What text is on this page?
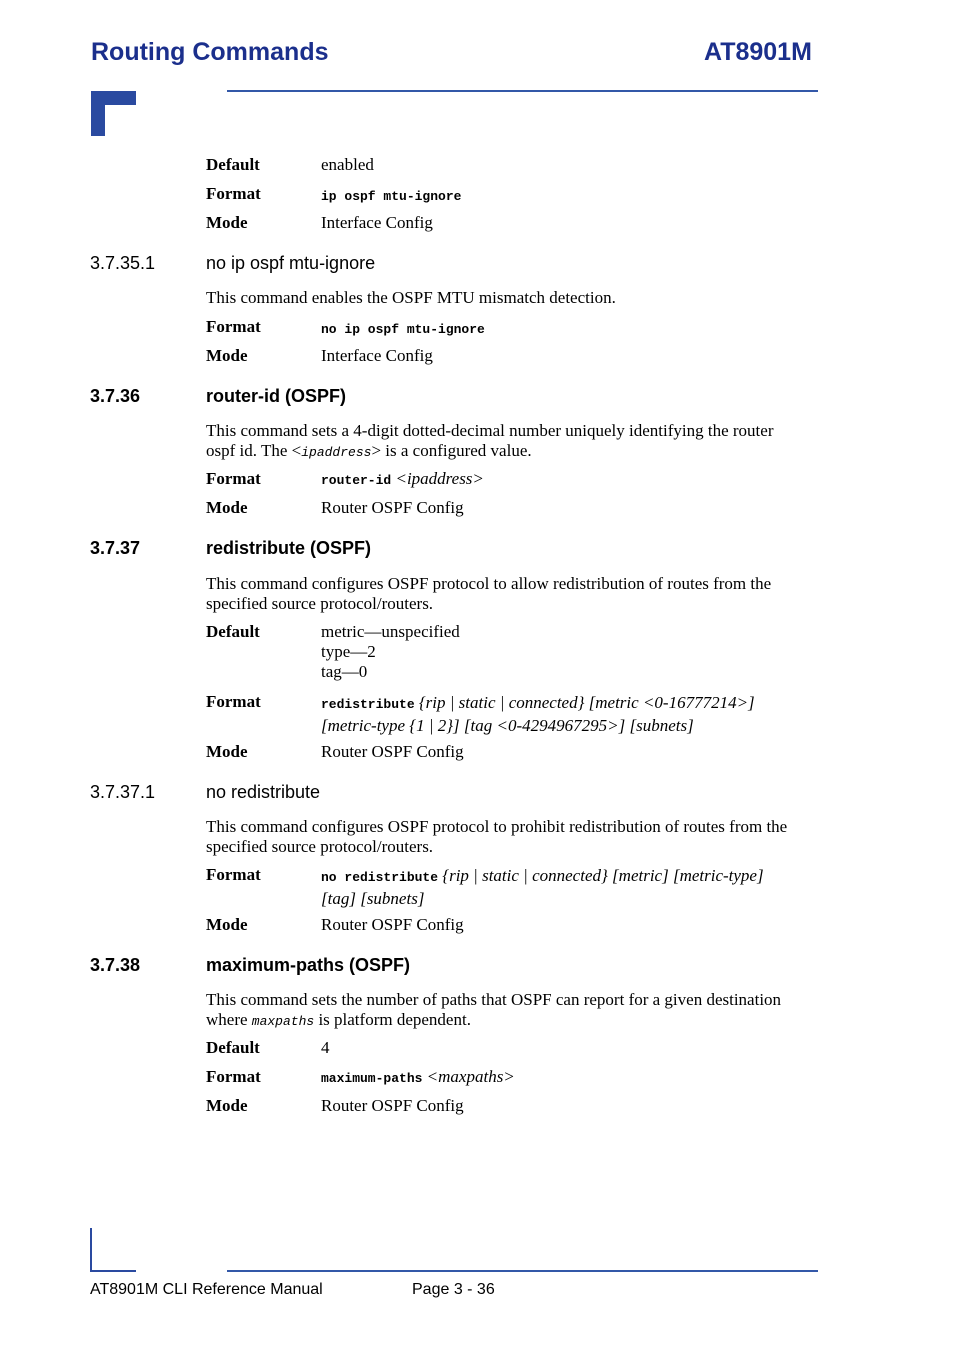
Routing Commands	AT8901M
Default	enabled
Format	ip ospf mtu-ignore
Mode	Interface Config
3.7.35.1	no ip ospf mtu-ignore
This command enables the OSPF MTU mismatch detection.
Format	no ip ospf mtu-ignore
Mode	Interface Config
3.7.36	router-id (OSPF)
This command sets a 4-digit dotted-decimal number uniquely identifying the router
ospf id. The <ipaddress> is a configured value.
Format	router-id <ipaddress>
Mode	Router OSPF Config
3.7.37	redistribute (OSPF)
This command configures OSPF protocol to allow redistribution of routes from the specified source protocol/routers.
Default	metric—unspecified
type—2
tag—0
Format	redistribute {rip | static | connected} [metric <0-16777214>]
[metric-type {1 | 2}] [tag <0-4294967295>] [subnets]
Mode	Router OSPF Config
3.7.37.1	no redistribute
This command configures OSPF protocol to prohibit redistribution of routes from the specified source protocol/routers.
Format	no redistribute {rip | static | connected} [metric] [metric-type]
[tag] [subnets]
Mode	Router OSPF Config
3.7.38	maximum-paths (OSPF)
This command sets the number of paths that OSPF can report for a given destination
where maxpaths is platform dependent.
Default	4
Format	maximum-paths <maxpaths>
Mode	Router OSPF Config
AT8901M CLI Reference Manual	Page 3 - 36
